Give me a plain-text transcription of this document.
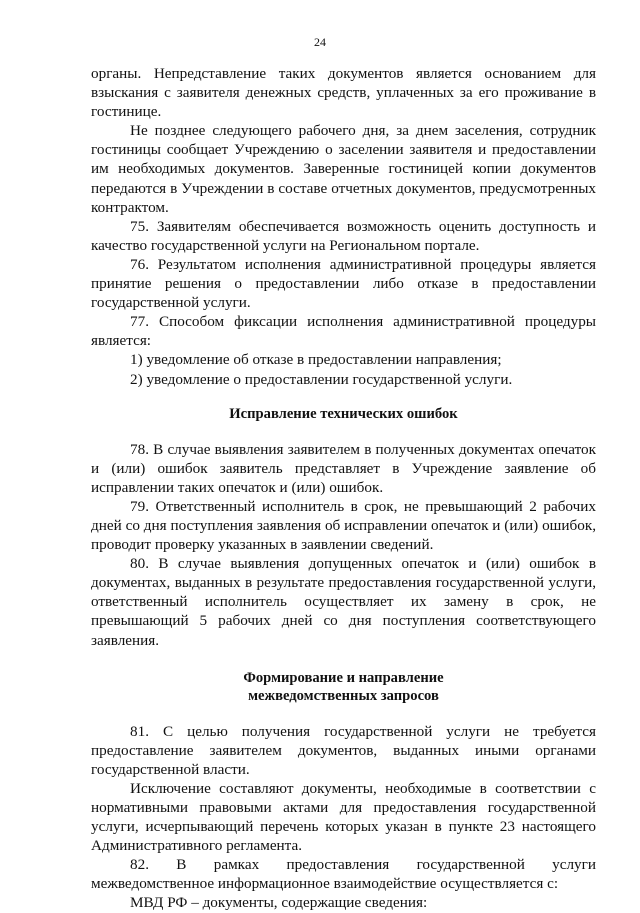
24

органы. Непредставление таких документов является основанием для взыскания с заявителя денежных средств, уплаченных за его проживание в гостинице.

Не позднее следующего рабочего дня, за днем заселения, сотрудник гостиницы сообщает Учреждению о заселении заявителя и предоставлении им необходимых документов. Заверенные гостиницей копии документов передаются в Учреждении в составе отчетных документов, предусмотренных контрактом.

75. Заявителям обеспечивается возможность оценить доступность и качество государственной услуги на Региональном портале.

76. Результатом исполнения административной процедуры является принятие решения о предоставлении либо отказе в предоставлении государственной услуги.

77. Способом фиксации исполнения административной процедуры является:

1) уведомление об отказе в предоставлении направления;

2) уведомление о предоставлении государственной услуги.

Исправление технических ошибок

78. В случае выявления заявителем в полученных документах опечаток и (или) ошибок заявитель представляет в Учреждение заявление об исправлении таких опечаток и (или) ошибок.

79. Ответственный исполнитель в срок, не превышающий 2 рабочих дней со дня поступления заявления об исправлении опечаток и (или) ошибок, проводит проверку указанных в заявлении сведений.

80. В случае выявления допущенных опечаток и (или) ошибок в документах, выданных в результате предоставления государственной услуги, ответственный исполнитель осуществляет их замену в срок, не превышающий 5 рабочих дней со дня поступления соответствующего заявления.

Формирование и направление
межведомственных запросов

81. С целью получения государственной услуги не требуется предоставление заявителем документов, выданных иными органами государственной власти.

Исключение составляют документы, необходимые в соответствии с нормативными правовыми актами для предоставления государственной услуги, исчерпывающий перечень которых указан в пункте 23 настоящего Административного регламента.

82. В рамках предоставления государственной услуги межведомственное информационное взаимодействие осуществляется с:

МВД РФ – документы, содержащие сведения:
